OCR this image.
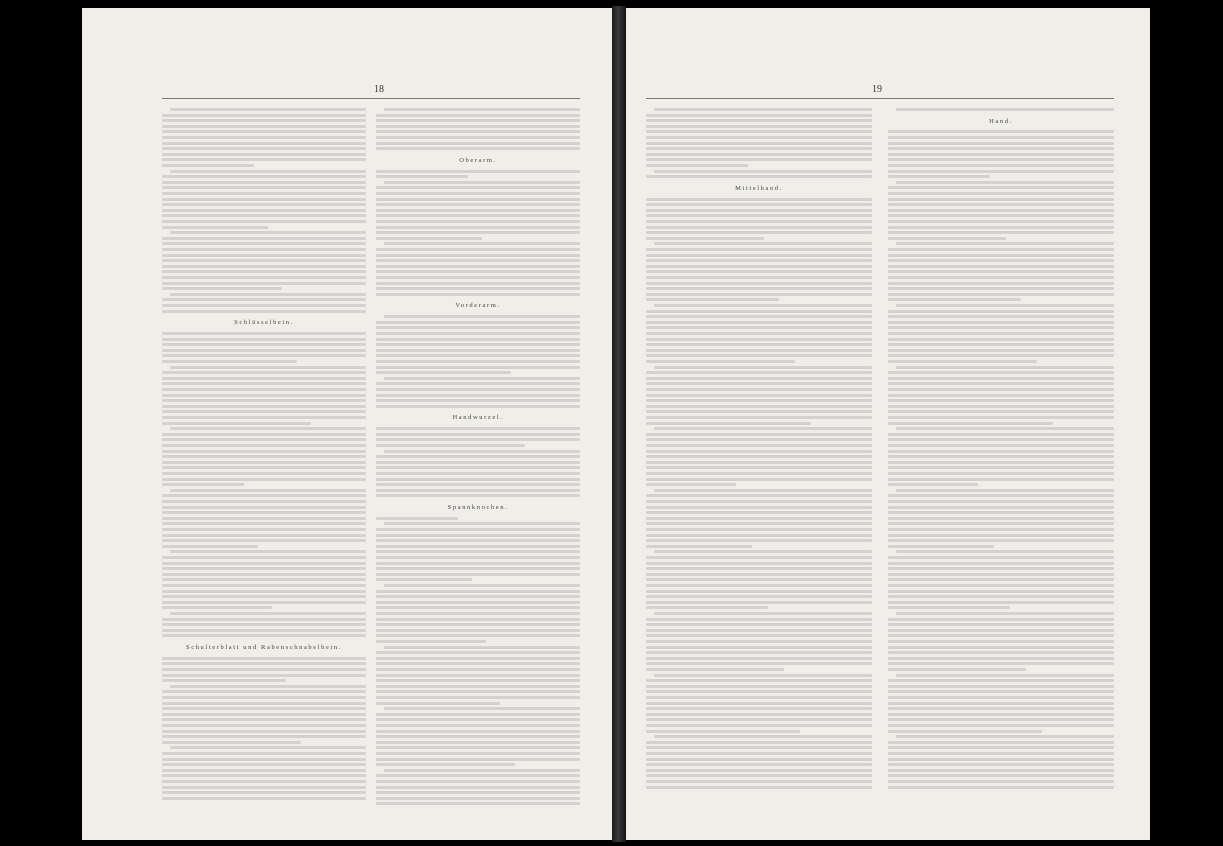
18
Schlüsselbein.
Schulterblatt und Rabenschnabelbein.
Oberarm.
Vorderarm.
Handwurzel.
Spannknochen.
19
Mittelhand.
Hand.
